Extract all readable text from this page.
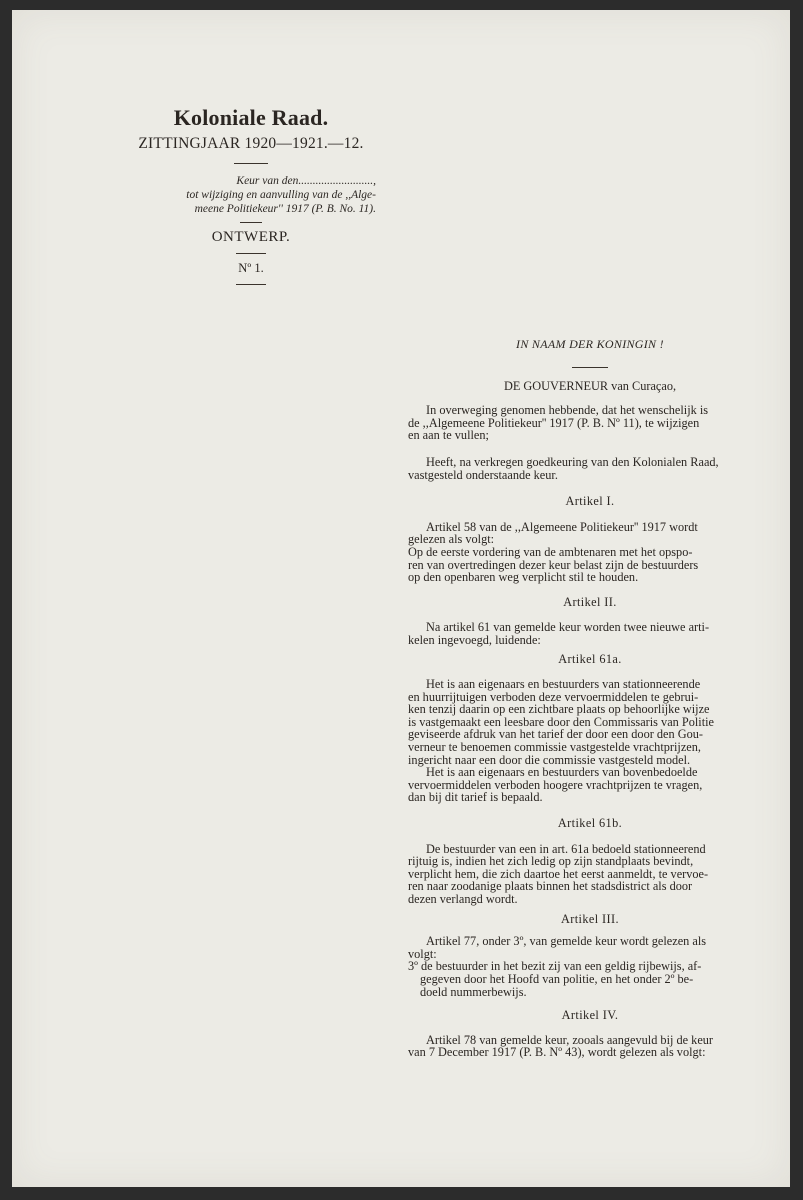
Koloniale Raad.
ZITTINGJAAR 1920—1921.—12.
Keur van den..........................,
tot wijziging en aanvulling van de ,,Alge-
meene Politiekeur'' 1917 (P. B. No. 11).
ONTWERP.
Nº 1.
IN NAAM DER KONINGIN !
DE GOUVERNEUR van Curaçao,
In overweging genomen hebbende, dat het wenschelijk is
de ,,Algemeene Politiekeur'' 1917 (P. B. Nº 11), te wijzigen
en aan te vullen;
Heeft, na verkregen goedkeuring van den Kolonialen Raad,
vastgesteld onderstaande keur.
Artikel I.
Artikel 58 van de ,,Algemeene Politiekeur'' 1917 wordt
gelezen als volgt:
Op de eerste vordering van de ambtenaren met het opspo-
ren van overtredingen dezer keur belast zijn de bestuurders
op den openbaren weg verplicht stil te houden.
Artikel II.
Na artikel 61 van gemelde keur worden twee nieuwe arti-
kelen ingevoegd, luidende:
Artikel 61a.
Het is aan eigenaars en bestuurders van stationneerende
en huurrijtuigen verboden deze vervoermiddelen te gebrui-
ken tenzij daarin op een zichtbare plaats op behoorlijke wijze
is vastgemaakt een leesbare door den Commissaris van Politie
geviseerde afdruk van het tarief der door een door den Gou-
verneur te benoemen commissie vastgestelde vrachtprijzen,
ingericht naar een door die commissie vastgesteld model.
Het is aan eigenaars en bestuurders van bovenbedoelde
vervoermiddelen verboden hoogere vrachtprijzen te vragen,
dan bij dit tarief is bepaald.
Artikel 61b.
De bestuurder van een in art. 61a bedoeld stationneerend
rijtuig is, indien het zich ledig op zijn standplaats bevindt,
verplicht hem, die zich daartoe het eerst aanmeldt, te vervoe-
ren naar zoodanige plaats binnen het stadsdistrict als door
dezen verlangd wordt.
Artikel III.
Artikel 77, onder 3º, van gemelde keur wordt gelezen als
volgt:
3º de bestuurder in het bezit zij van een geldig rijbewijs, af-
gegeven door het Hoofd van politie, en het onder 2º be-
doeld nummerbewijs.
Artikel IV.
Artikel 78 van gemelde keur, zooals aangevuld bij de keur
van 7 December 1917 (P. B. Nº 43), wordt gelezen als volgt:
